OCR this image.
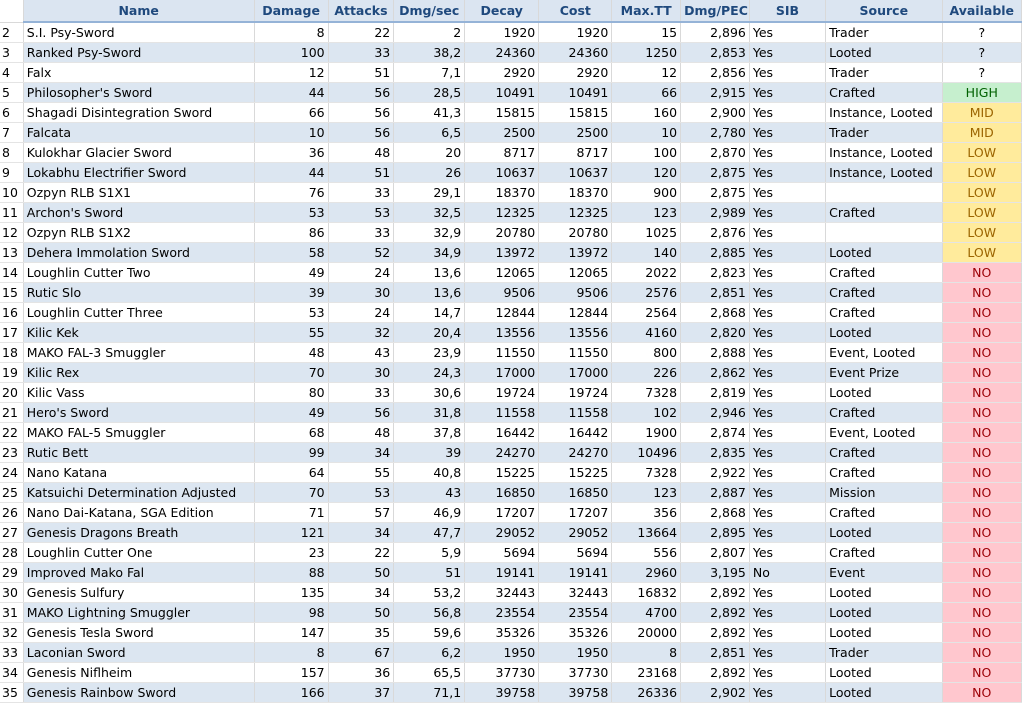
	Name	Damage	Attacks	Dmg/sec	Decay	Cost	Max.TT	Dmg/PEC	SIB	Source	Available
2	S.I. Psy-Sword	8	22	2	1920	1920	15	2,896	Yes	Trader	?
3	Ranked Psy-Sword	100	33	38,2	24360	24360	1250	2,853	Yes	Looted	?
4	Falx	12	51	7,1	2920	2920	12	2,856	Yes	Trader	?
5	Philosopher's Sword	44	56	28,5	10491	10491	66	2,915	Yes	Crafted	HIGH
6	Shagadi Disintegration Sword	66	56	41,3	15815	15815	160	2,900	Yes	Instance, Looted	MID
7	Falcata	10	56	6,5	2500	2500	10	2,780	Yes	Trader	MID
8	Kulokhar Glacier Sword	36	48	20	8717	8717	100	2,870	Yes	Instance, Looted	LOW
9	Lokabhu Electrifier Sword	44	51	26	10637	10637	120	2,875	Yes	Instance, Looted	LOW
10	Ozpyn RLB S1X1	76	33	29,1	18370	18370	900	2,875	Yes		LOW
11	Archon's Sword	53	53	32,5	12325	12325	123	2,989	Yes	Crafted	LOW
12	Ozpyn RLB S1X2	86	33	32,9	20780	20780	1025	2,876	Yes		LOW
13	Dehera Immolation Sword	58	52	34,9	13972	13972	140	2,885	Yes	Looted	LOW
14	Loughlin Cutter Two	49	24	13,6	12065	12065	2022	2,823	Yes	Crafted	NO
15	Rutic Slo	39	30	13,6	9506	9506	2576	2,851	Yes	Crafted	NO
16	Loughlin Cutter Three	53	24	14,7	12844	12844	2564	2,868	Yes	Crafted	NO
17	Kilic Kek	55	32	20,4	13556	13556	4160	2,820	Yes	Looted	NO
18	MAKO FAL-3 Smuggler	48	43	23,9	11550	11550	800	2,888	Yes	Event, Looted	NO
19	Kilic Rex	70	30	24,3	17000	17000	226	2,862	Yes	Event Prize	NO
20	Kilic Vass	80	33	30,6	19724	19724	7328	2,819	Yes	Looted	NO
21	Hero's Sword	49	56	31,8	11558	11558	102	2,946	Yes	Crafted	NO
22	MAKO FAL-5 Smuggler	68	48	37,8	16442	16442	1900	2,874	Yes	Event, Looted	NO
23	Rutic Bett	99	34	39	24270	24270	10496	2,835	Yes	Crafted	NO
24	Nano Katana	64	55	40,8	15225	15225	7328	2,922	Yes	Crafted	NO
25	Katsuichi Determination Adjusted	70	53	43	16850	16850	123	2,887	Yes	Mission	NO
26	Nano Dai-Katana, SGA Edition	71	57	46,9	17207	17207	356	2,868	Yes	Crafted	NO
27	Genesis Dragons Breath	121	34	47,7	29052	29052	13664	2,895	Yes	Looted	NO
28	Loughlin Cutter One	23	22	5,9	5694	5694	556	2,807	Yes	Crafted	NO
29	Improved Mako Fal	88	50	51	19141	19141	2960	3,195	No	Event	NO
30	Genesis Sulfury	135	34	53,2	32443	32443	16832	2,892	Yes	Looted	NO
31	MAKO Lightning Smuggler	98	50	56,8	23554	23554	4700	2,892	Yes	Looted	NO
32	Genesis Tesla Sword	147	35	59,6	35326	35326	20000	2,892	Yes	Looted	NO
33	Laconian Sword	8	67	6,2	1950	1950	8	2,851	Yes	Trader	NO
34	Genesis Niflheim	157	36	65,5	37730	37730	23168	2,892	Yes	Looted	NO
35	Genesis Rainbow Sword	166	37	71,1	39758	39758	26336	2,902	Yes	Looted	NO
